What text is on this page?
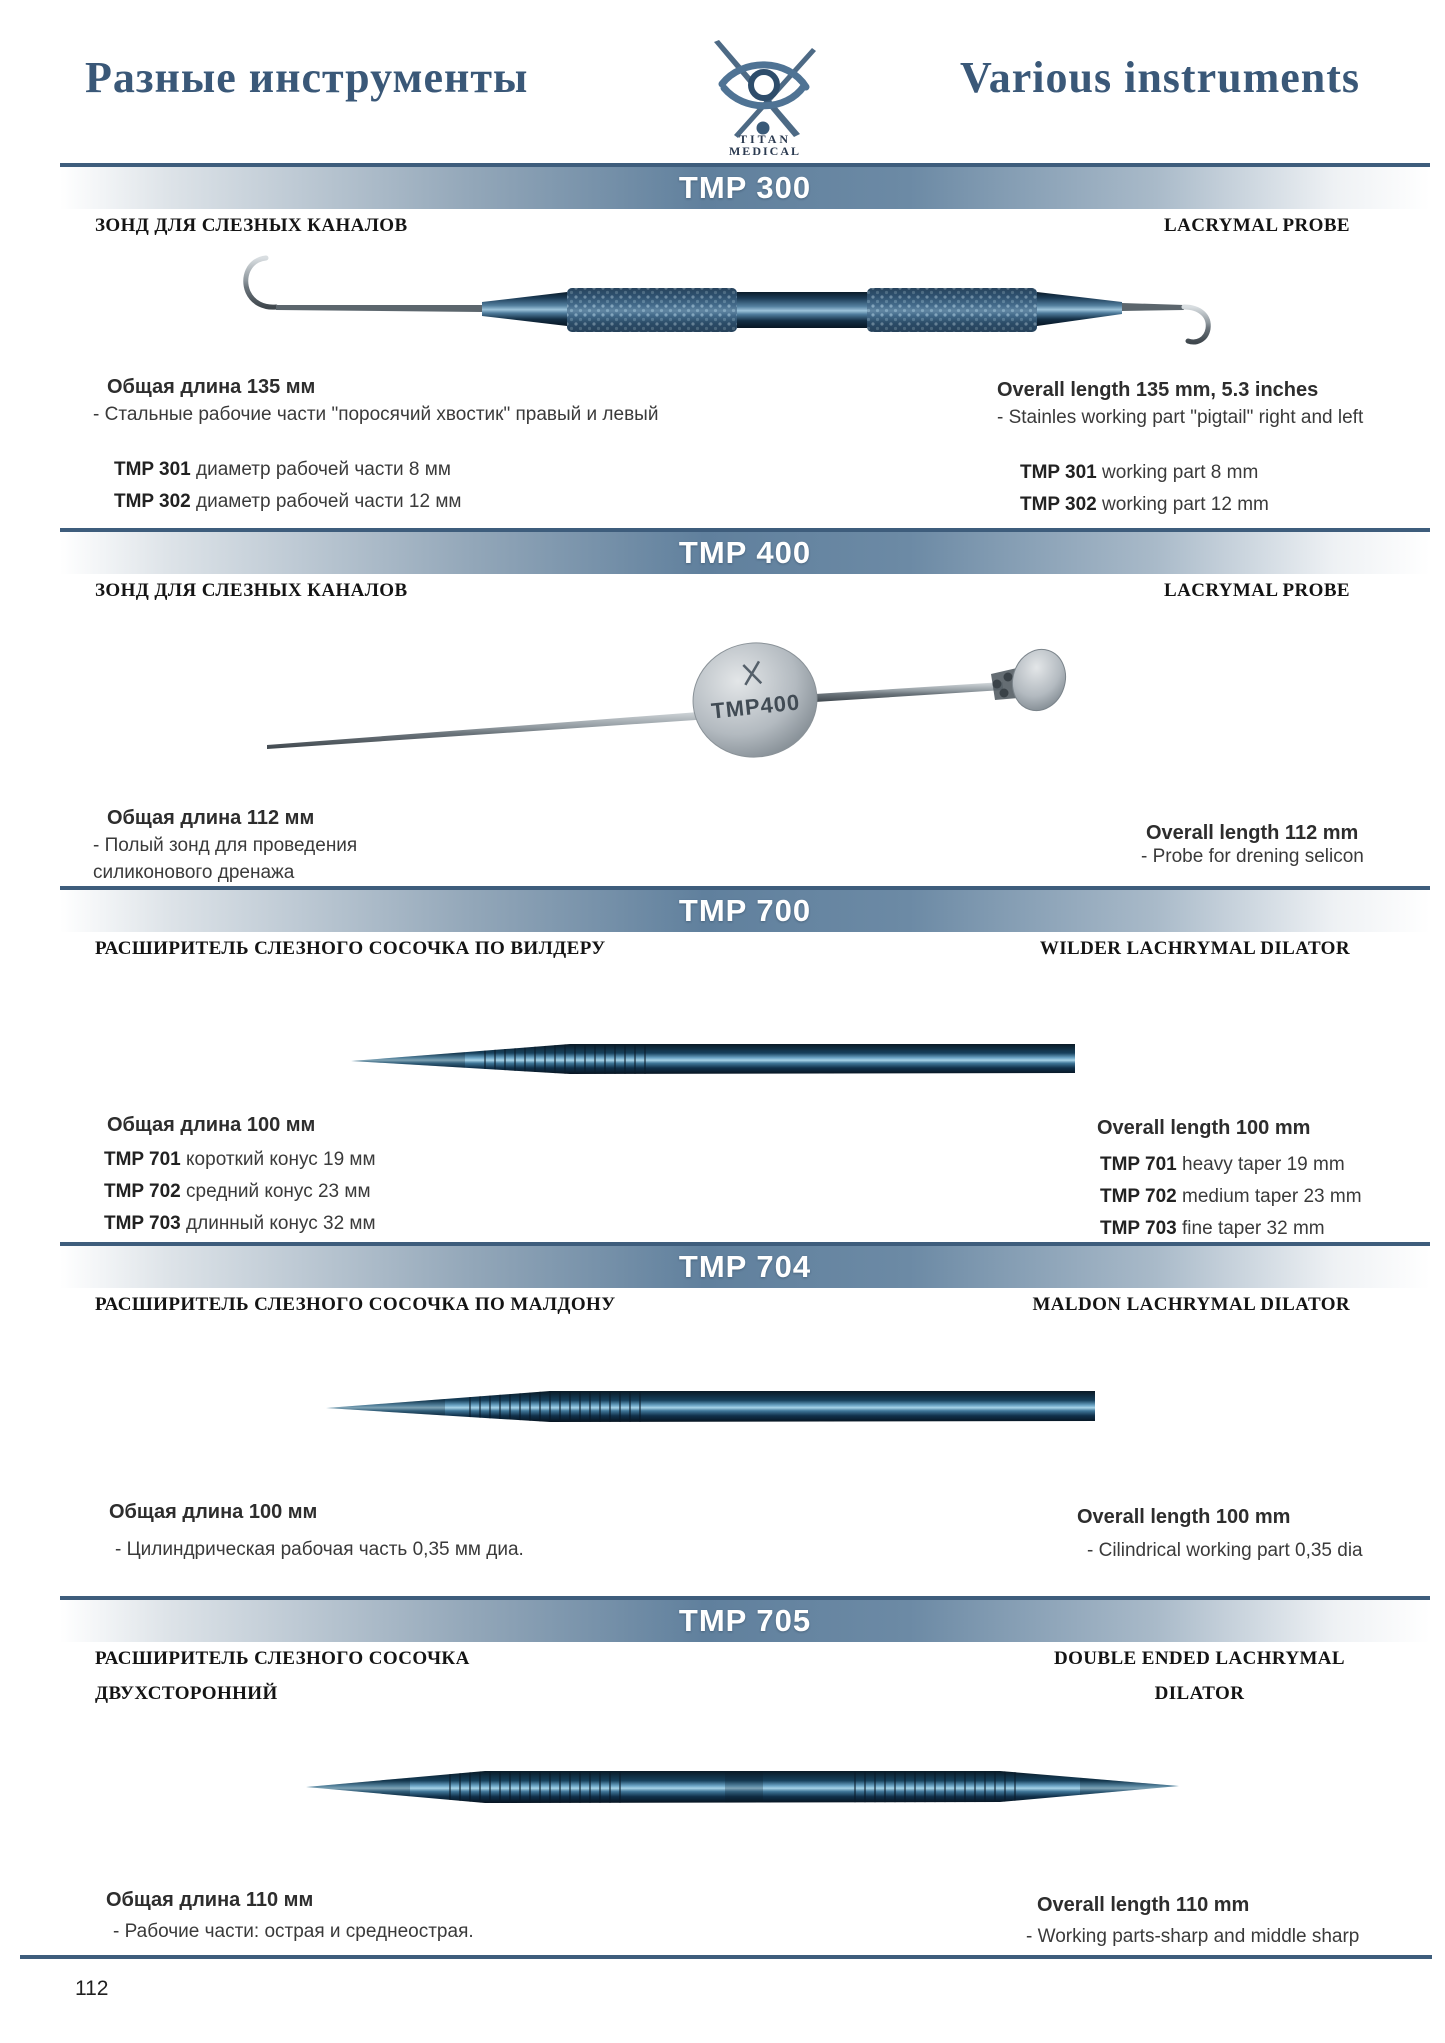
Разные инструменты	Various instruments
TITAN
MEDICAL
TMP 300
ЗОНД ДЛЯ СЛЕЗНЫХ КАНАЛОВ	LACRYMAL PROBE
Общая длина 135 мм
- Стальные рабочие части "поросячий хвостик" правый и левый
TMP 301 диаметр рабочей части 8 мм
TMP 302 диаметр рабочей части 12 мм
Overall length 135 mm, 5.3 inches
- Stainles working part "pigtail" right and left
TMP 301 working part 8 mm
TMP 302 working part 12 mm
TMP 400
ЗОНД ДЛЯ СЛЕЗНЫХ КАНАЛОВ	LACRYMAL PROBE
TMP400
Общая длина 112 мм
- Полый зонд для проведения
силиконового дренажа
Overall length 112 mm
- Probe for drening selicon
TMP 700
РАСШИРИТЕЛЬ СЛЕЗНОГО СОСОЧКА ПО ВИЛДЕРУ	WILDER LACHRYMAL DILATOR
Общая длина 100 мм
TMP 701 короткий конус 19 мм
TMP 702 средний конус 23 мм
TMP 703 длинный конус 32 мм
Overall length 100 mm
TMP 701 heavy taper 19 mm
TMP 702 medium taper 23 mm
TMP 703 fine taper 32 mm
TMP 704
РАСШИРИТЕЛЬ СЛЕЗНОГО СОСОЧКА ПО МАЛДОНУ	MALDON LACHRYMAL DILATOR
Общая длина 100 мм
- Цилиндрическая рабочая часть 0,35 мм диа.
Overall length 100 mm
- Cilindrical working part 0,35 dia
TMP 705
РАСШИРИТЕЛЬ СЛЕЗНОГО СОСОЧКА
ДВУХСТОРОННИЙ
DOUBLE ENDED LACHRYMAL
DILATOR
Общая длина 110 мм
- Рабочие части: острая и среднеострая.
Overall length 110 mm
- Working parts-sharp and middle sharp
112
